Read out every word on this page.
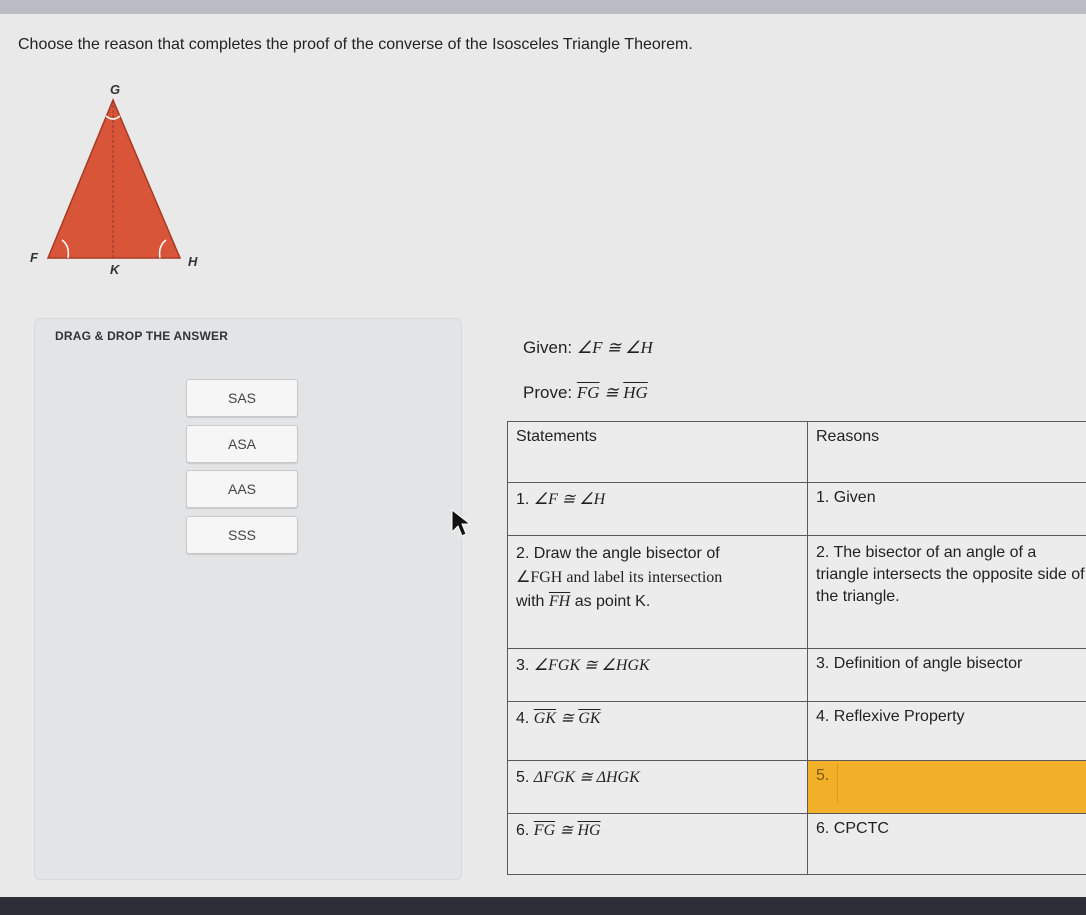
Choose the reason that completes the proof of the converse of the Isosceles Triangle Theorem.
G
F	H
K
DRAG & DROP THE ANSWER
SAS
ASA
AAS
SSS
Given: ∠F ≅ ∠H
Prove: $\overline{FG}$ ≅ $\overline{HG}$
Statements	Reasons
1. ∠F ≅ ∠H	1. Given
2. Draw the angle bisector of
∠FGH and label its intersection
with $\overline{FH}$ as point K.	2. The bisector of an angle of a triangle intersects the opposite side of the triangle.
3. ∠FGK ≅ ∠HGK	3. Definition of angle bisector
4. $\overline{GK}$ ≅ $\overline{GK}$	4. Reflexive Property
5. ΔFGK ≅ ΔHGK	5.
6. $\overline{FG}$ ≅ $\overline{HG}$	6. CPCTC
